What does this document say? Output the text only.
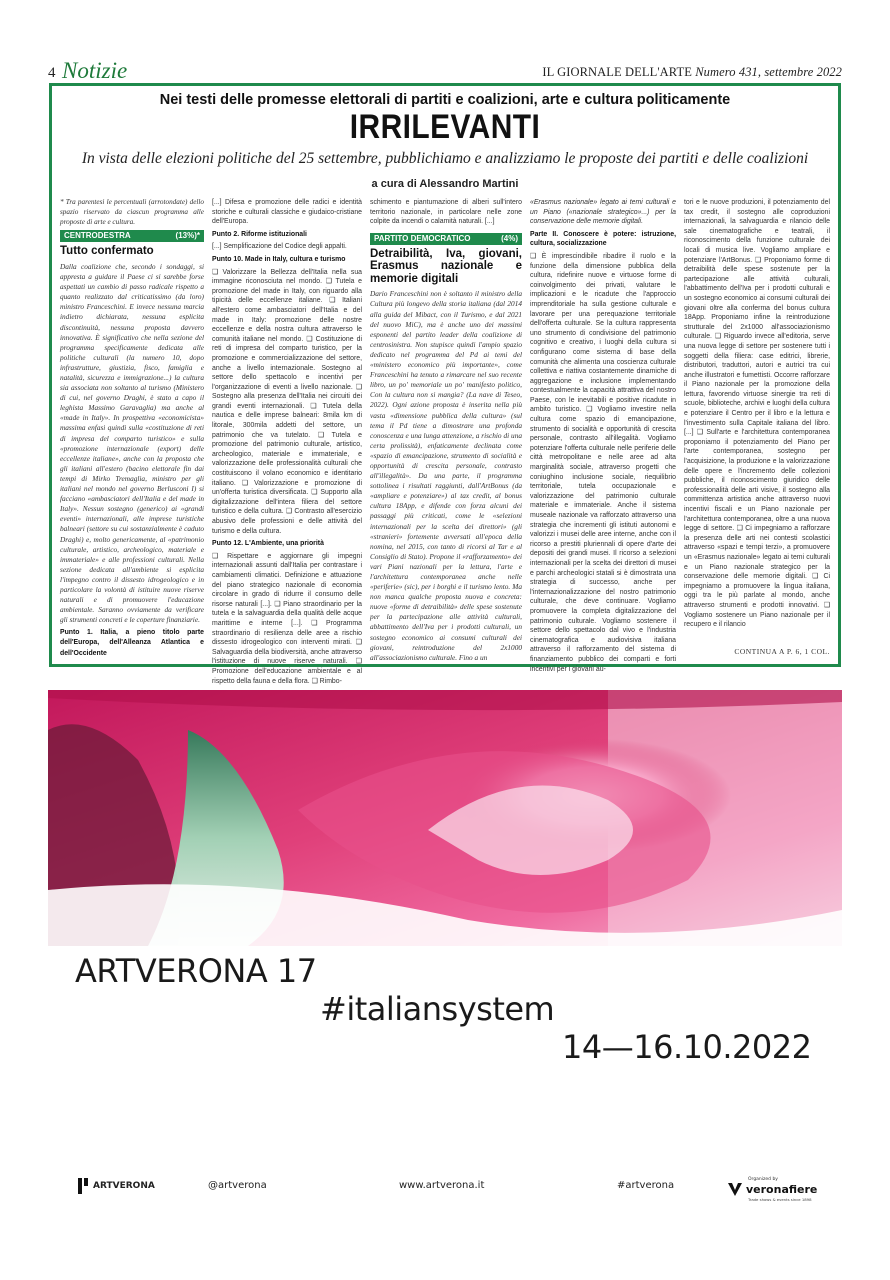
4 Notizie	IL GIORNALE DELL'ARTE Numero 431, settembre 2022
Nei testi delle promesse elettorali di partiti e coalizioni, arte e cultura politicamente
IRRILEVANTI
In vista delle elezioni politiche del 25 settembre, pubblichiamo e analizziamo le proposte dei partiti e delle coalizioni
a cura di Alessandro Martini

* Tra parentesi le percentuali (arrotondate) dello spazio riservato da ciascun programma alle proposte di arte e cultura.

CENTRODESTRA	(13%)*
Tutto confermato

Dalla coalizione che, secondo i sondaggi, si appresta a guidare il Paese ci si sarebbe forse aspettati un cambio di passo radicale rispetto a quanto realizzato dal criticatissimo (da loro) ministro Franceschini. E invece nessuna marcia indietro dichiarata, nessuna esplicita discontinuità, nessuna proposta davvero innovativa. È significativo che nella sezione del programma specificamente dedicata alle politiche culturali (la numero 10, dopo infrastrutture, giustizia, fisco, famiglia e natalità, sicurezza e immigrazione...) la cultura sia associata non soltanto al turismo (Ministero di cui, nel governo Draghi, è stato a capo il leghista Massimo Garavaglia) ma anche al «made in Italy». In prospettiva «economicista» massima enfasi quindi sulla «costituzione di reti di impresa del comparto turistico» e sulla «promozione internazionale (export) delle eccellenze italiane», anche con la proposta che gli italiani all'estero (bacino elettorale fin dai tempi di Mirko Tremaglia, ministro per gli italiani nel mondo nel governo Berlusconi I) si facciano «ambasciatori dell'Italia e del made in Italy». Nessun sostegno (generico) ai «grandi eventi» internazionali, alle imprese turistiche balneari (settore su cui sostanzialmente è caduto Draghi) e, molto genericamente, al «patrimonio culturale, artistico, archeologico, materiale e immateriale» e alle professioni culturali. Nella sezione dedicata all'ambiente si esplicita l'impegno contro il dissesto idrogeologico e in particolare la volontà di istituire nuove riserve naturali e di promuovere l'educazione ambientale. Saranno ovviamente da verificare gli strumenti concreti e le coperture finanziarie.

Punto 1. Italia, a pieno titolo parte dell'Europa, dell'Alleanza Atlantica e dell'Occidente

[...] Difesa e promozione delle radici e identità storiche e culturali classiche e giudaico-cristiane dell'Europa.

Punto 2. Riforme istituzionali

[...] Semplificazione del Codice degli appalti.

Punto 10. Made in Italy, cultura e turismo

❑ Valorizzare la Bellezza dell'Italia nella sua immagine riconosciuta nel mondo. ❑ Tutela e promozione del made in Italy, con riguardo alla tipicità delle eccellenze italiane. ❑ Italiani all'estero come ambasciatori dell'Italia e del made in Italy: promozione delle nostre eccellenze e della nostra cultura attraverso le comunità italiane nel mondo. ❑ Costituzione di reti di impresa del comparto turistico, per la promozione e commercializzazione del settore, anche a livello internazionale. Sostegno al settore dello spettacolo e incentivi per l'organizzazione di eventi a livello nazionale. ❑ Sostegno alla presenza dell'Italia nei circuiti dei grandi eventi internazionali. ❑ Tutela della nautica e delle imprese balneari: 8mila km di litorale, 300mila addetti del settore, un patrimonio che va tutelato. ❑ Tutela e promozione del patrimonio culturale, artistico, archeologico, materiale e immateriale, e valorizzazione delle professionalità culturali che costituiscono il volano economico e identitario italiano. ❑ Valorizzazione e promozione di un'offerta turistica diversificata. ❑ Supporto alla digitalizzazione dell'intera filiera del settore turistico e della cultura. ❑ Contrasto all'esercizio abusivo delle professioni e delle attività del turismo e della cultura.

Punto 12. L'Ambiente, una priorità

❑ Rispettare e aggiornare gli impegni internazionali assunti dall'Italia per contrastare i cambiamenti climatici. Definizione e attuazione del piano strategico nazionale di economia circolare in grado di ridurre il consumo delle risorse naturali [...]. ❑ Piano straordinario per la tutela e la salvaguardia della qualità delle acque marittime e interne [...]. ❑ Programma straordinario di resilienza delle aree a rischio dissesto idrogeologico con interventi mirati. ❑ Salvaguardia della biodiversità, anche attraverso l'istituzione di nuove riserve naturali. ❑ Promozione dell'educazione ambientale e al rispetto della fauna e della flora. ❑ Rimbo-

schimento e piantumazione di alberi sull'intero territorio nazionale, in particolare nelle zone colpite da incendi o calamità naturali. [...]

PARTITO DEMOCRATICO	(4%)
Detraibilità, Iva, giovani, Erasmus nazionale e memorie digitali

Dario Franceschini non è soltanto il ministro della Cultura più longevo della storia italiana (dal 2014 alla guida del Mibact, con il Turismo, e dal 2021 del nuovo MiC), ma è anche uno dei massimi esponenti del partito leader della coalizione di centrosinistra. Non stupisce quindi l'ampio spazio dedicato nel programma del Pd ai temi del «ministero economico più importante», come Franceschini ha tenuto a rimarcare nel suo recente libro, un po' memoriale un po' manifesto politico, Con la cultura non si mangia? (La nave di Teseo, 2022). Ogni azione proposta è inserita nella più vasta «dimensione pubblica della cultura» (sul tema il Pd tiene a dimostrare una profonda conoscenza e una lunga attenzione, a rischio di una certa prolissità), enfaticamente declinata come «spazio di emancipazione, strumento di socialità e opportunità di crescita personale, contrasto all'illegalità». Da una parte, il programma sottolinea i risultati raggiunti, dall'ArtBonus (da «ampliare e potenziare») al tax credit, al bonus cultura 18App, e difende con forza alcuni dei passaggi più criticati, come le «selezioni internazionali per la scelta dei direttori» (gli «stranieri» fortemente avversati all'epoca della nomina, nel 2015, con tanto di ricorsi al Tar e al Consiglio di Stato). Propone il «rafforzamento» dei vari Piani nazionali per la lettura, l'arte e l'architettura contemporanea anche nelle «periferie» (sic), per i borghi e il turismo lento. Ma non manca qualche proposta nuova e concreta: nuove «forme di detraibilità» delle spese sostenute per la partecipazione alle attività culturali, abbattimento dell'Iva per i prodotti culturali, un sostegno economico ai consumi culturali dei giovani, reintroduzione del 2x1000 all'associazionismo culturale. Fino a un

«Erasmus nazionale» legato ai temi culturali e un Piano («nazionale strategico»...) per la conservazione delle memorie digitali.

Parte II. Conoscere è potere: istruzione, cultura, socializzazione

❑ È imprescindibile ribadire il ruolo e la funzione della dimensione pubblica della cultura, ridefinire nuove e virtuose forme di coinvolgimento dei privati, valutare le implicazioni e le ricadute che l'approccio imprenditoriale ha sulla gestione culturale e lavorare per una perequazione territoriale dell'offerta culturale. Se la cultura rappresenta uno strumento di condivisione del patrimonio cognitivo e creativo, i luoghi della cultura si configurano come sistema di base della comunità che alimenta una coscienza culturale collettiva e riattiva costantemente dinamiche di aggregazione e inclusione implementando contestualmente la capacità attrattiva del nostro Paese, con le inevitabili e positive ricadute in ambito turistico. ❑ Vogliamo investire nella cultura come spazio di emancipazione, strumento di socialità e opportunità di crescita personale, contrasto all'illegalità. Vogliamo potenziare l'offerta culturale nelle periferie delle città metropolitane e nelle aree ad alta marginalità sociale, attraverso progetti che coniughino inclusione sociale, riequilibrio territoriale, tutela occupazionale e valorizzazione del patrimonio culturale materiale e immateriale. Anche il sistema museale nazionale va rafforzato attraverso una strategia che incrementi gli istituti autonomi e valorizzi i musei delle aree interne, anche con il ricorso a prestiti pluriennali di opere d'arte dei depositi dei grandi musei. Il ricorso a selezioni internazionali per la scelta dei direttori di musei e parchi archeologici statali si è dimostrata una strategia di successo, anche per l'internazionalizzazione del nostro patrimonio culturale, che deve continuare. Vogliamo promuovere la completa digitalizzazione del patrimonio culturale. Vogliamo sostenere il settore dello spettacolo dal vivo e l'industria cinematografica e audiovisiva italiana attraverso il rafforzamento del sistema di finanziamento pubblico dei comparti e forti incentivi per i giovani au-

tori e le nuove produzioni, il potenziamento del tax credit, il sostegno alle coproduzioni internazionali, la salvaguardia e rilancio delle sale cinematografiche e teatrali, il riconoscimento della funzione culturale dei locali di musica live. Vogliamo ampliare e potenziare l'ArtBonus. ❑ Proponiamo forme di detraibilità delle spese sostenute per la partecipazione alle attività culturali, l'abbattimento dell'Iva per i prodotti culturali e un sostegno economico ai consumi culturali dei giovani oltre alla conferma del bonus cultura 18App. Proponiamo infine la reintroduzione strutturale del 2x1000 all'associazionismo culturale. ❑ Riguardo invece all'editoria, serve una nuova legge di settore per sostenere tutti i soggetti della filiera: case editrici, librerie, distributori, traduttori, autori e autrici tra cui anche illustratori e fumettisti. Occorre rafforzare il Piano nazionale per la promozione della lettura, favorendo virtuose sinergie tra reti di scuole, biblioteche, archivi e luoghi della cultura e potenziare il Centro per il libro e la lettura e l'investimento sulla Capitale italiana del libro. [...] ❑ Sull'arte e l'architettura contemporanea proponiamo il potenziamento del Piano per l'arte contemporanea, sostegno per l'acquisizione, la produzione e la valorizzazione delle opere e l'incremento delle collezioni pubbliche, il riconoscimento giuridico delle professionalità delle arti visive, il sostegno alla committenza artistica anche attraverso nuovi incentivi fiscali e un Piano nazionale per l'architettura contemporanea, oltre a una nuova legge di settore. ❑ Ci impegniamo a rafforzare la presenza delle arti nei contesti scolastici attraverso «spazi e tempi terzi», a promuovere un «Erasmus nazionale» legato ai temi culturali e un Piano nazionale strategico per la conservazione delle memorie digitali. ❑ Ci impegniamo a promuovere la lingua italiana, oggi tra le più parlate al mondo, anche attraverso strumenti e prodotti innovativi. ❑ Vogliamo sostenere un Piano nazionale per il recupero e il rilancio

CONTINUA A P. 6, 1 COL.
ARTVERONA 17
#italiansystem
14—16.10.2022
ARTVERONA	@artverona	www.artverona.it	#artverona
Organized by
veronafiere
Trade shows & events since 1898
